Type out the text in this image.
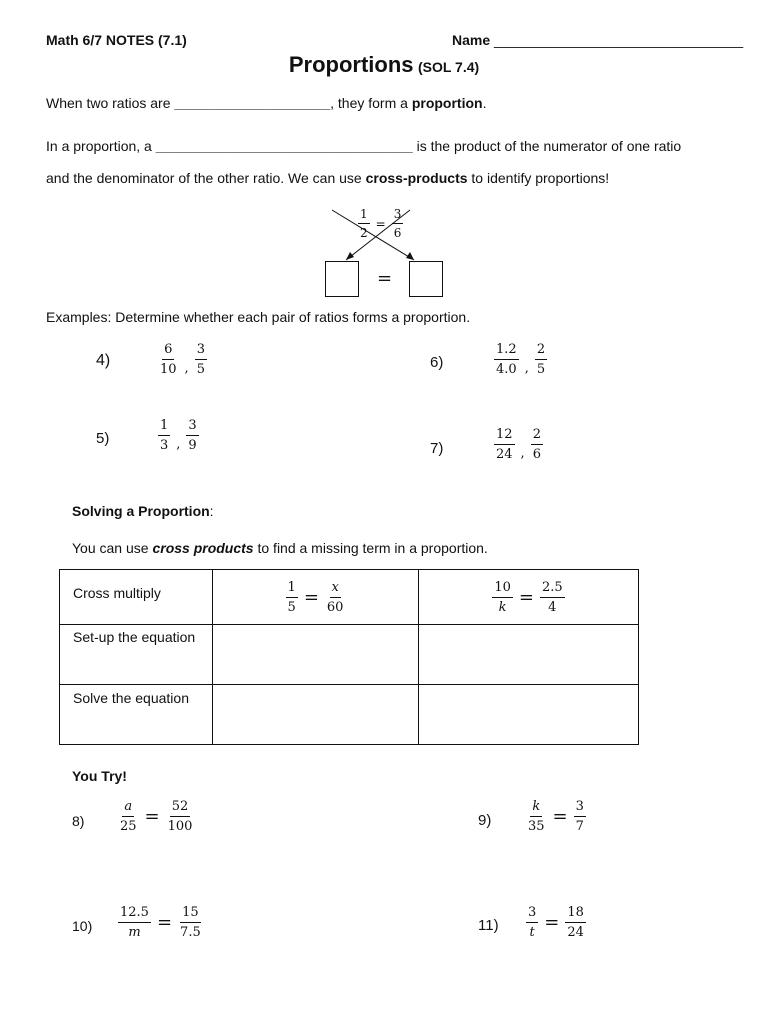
Math 6/7 NOTES (7.1)	Name ________________________________
Proportions (SOL 7.4)
When two ratios are ____________________, they form a proportion.
In a proportion, a _________________________________ is the product of the numerator of one ratio
and the denominator of the other ratio. We can use cross-products to identify proportions!
$\frac{1}{2} = \frac{3}{6}$
=
Examples: Determine whether each pair of ratios forms a proportion.
4)	$\frac{6}{10}$ , $\frac{3}{5}$	6)	$\frac{1.2}{4.0}$ , $\frac{2}{5}$
5)	$\frac{1}{3}$ , $\frac{3}{9}$	7)	$\frac{12}{24}$ , $\frac{2}{6}$
Solving a Proportion:
You can use cross products to find a missing term in a proportion.
Cross multiply	$\frac{1}{5} = \frac{x}{60}$	$\frac{10}{k} = \frac{2.5}{4}$

Set-up the equation		

Solve the equation		

You Try!
8)	$\frac{a}{25} = \frac{52}{100}$	9)	$\frac{k}{35} = \frac{3}{7}$
$10) \frac{12.5}{m} = \frac{15}{7.5}$	$11) \frac{3}{t} = \frac{18}{24}$
